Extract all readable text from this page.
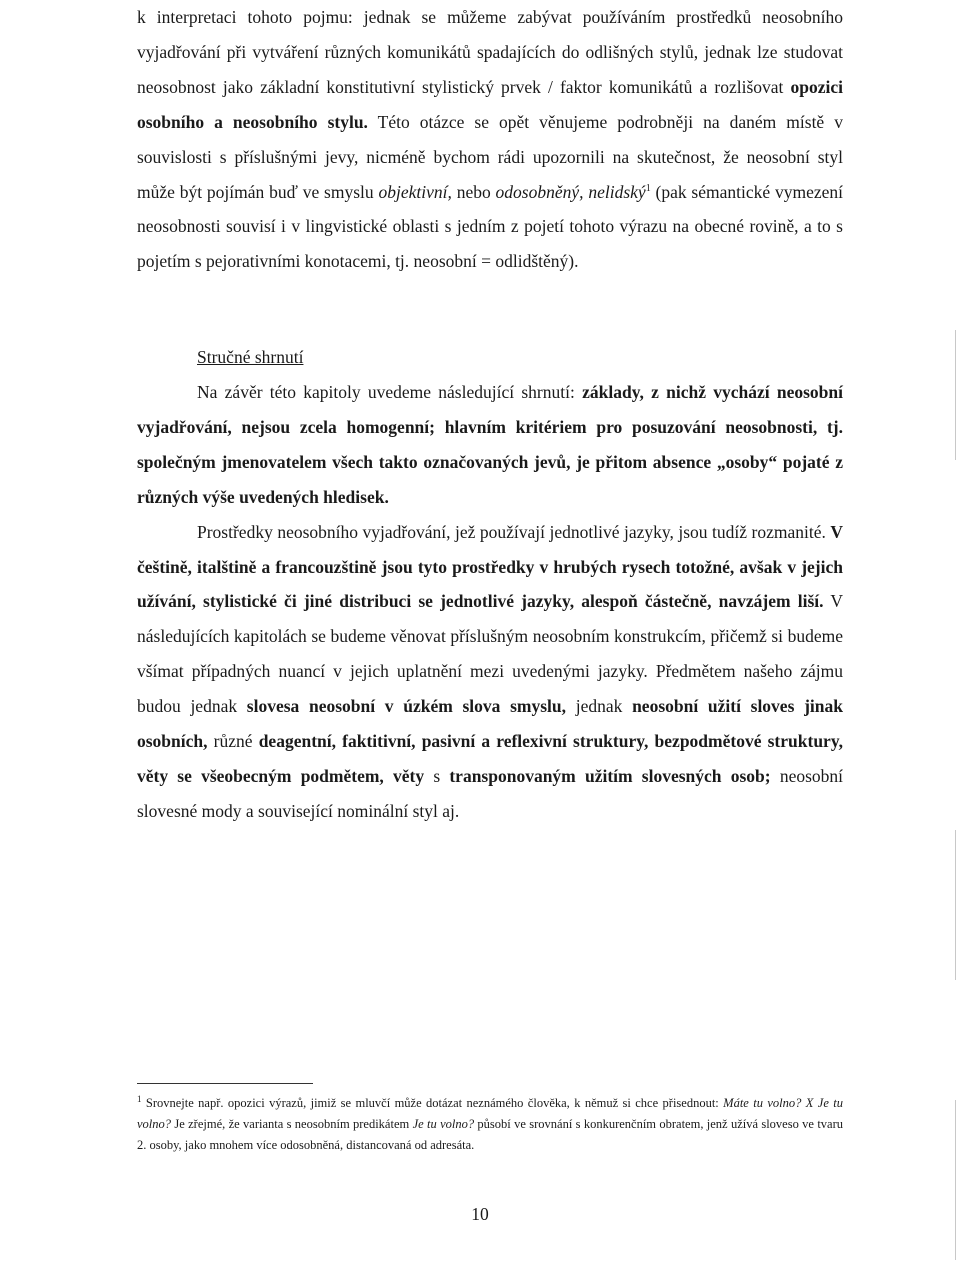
k interpretaci tohoto pojmu: jednak se můžeme zabývat používáním prostředků neosobního vyjadřování při vytváření různých komunikátů spadajících do odlišných stylů, jednak lze studovat neosobnost jako základní konstitutivní stylistický prvek / faktor komunikátů a rozlišovat opozici osobního a neosobního stylu. Této otázce se opět věnujeme podrobněji na daném místě v souvislosti s příslušnými jevy, nicméně bychom rádi upozornili na skutečnost, že neosobní styl může být pojímán buď ve smyslu objektivní, nebo odosobněný, nelidský$^1$ (pak sémantické vymezení neosobnosti souvisí i v lingvistické oblasti s jedním z pojetí tohoto výrazu na obecné rovině, a to s pojetím s pejorativními konotacemi, tj. neosobní = odlidštěný).

Stručné shrnutí

Na závěr této kapitoly uvedeme následující shrnutí: základy, z nichž vychází neosobní vyjadřování, nejsou zcela homogenní; hlavním kritériem pro posuzování neosobnosti, tj. společným jmenovatelem všech takto označovaných jevů, je přitom absence „osoby“ pojaté z různých výše uvedených hledisek.

Prostředky neosobního vyjadřování, jež používají jednotlivé jazyky, jsou tudíž rozmanité. V češtině, italštině a francouzštině jsou tyto prostředky v hrubých rysech totožné, avšak v jejich užívání, stylistické či jiné distribuci se jednotlivé jazyky, alespoň částečně, navzájem liší. V následujících kapitolách se budeme věnovat příslušným neosobním konstrukcím, přičemž si budeme všímat případných nuancí v jejich uplatnění mezi uvedenými jazyky. Předmětem našeho zájmu budou jednak slovesa neosobní v úzkém slova smyslu, jednak neosobní užití sloves jinak osobních, různé deagentní, faktitivní, pasivní a reflexivní struktury, bezpodmětové struktury, věty se všeobecným podmětem, věty s transponovaným užitím slovesných osob; neosobní slovesné mody a související nominální styl aj.

$^1$ Srovnejte např. opozici výrazů, jimiž se mluvčí může dotázat neznámého člověka, k němuž si chce přisednout: Máte tu volno? X Je tu volno? Je zřejmé, že varianta s neosobním predikátem Je tu volno? působí ve srovnání s konkurenčním obratem, jenž užívá sloveso ve tvaru 2. osoby, jako mnohem více odosobněná, distancovaná od adresáta.

10
